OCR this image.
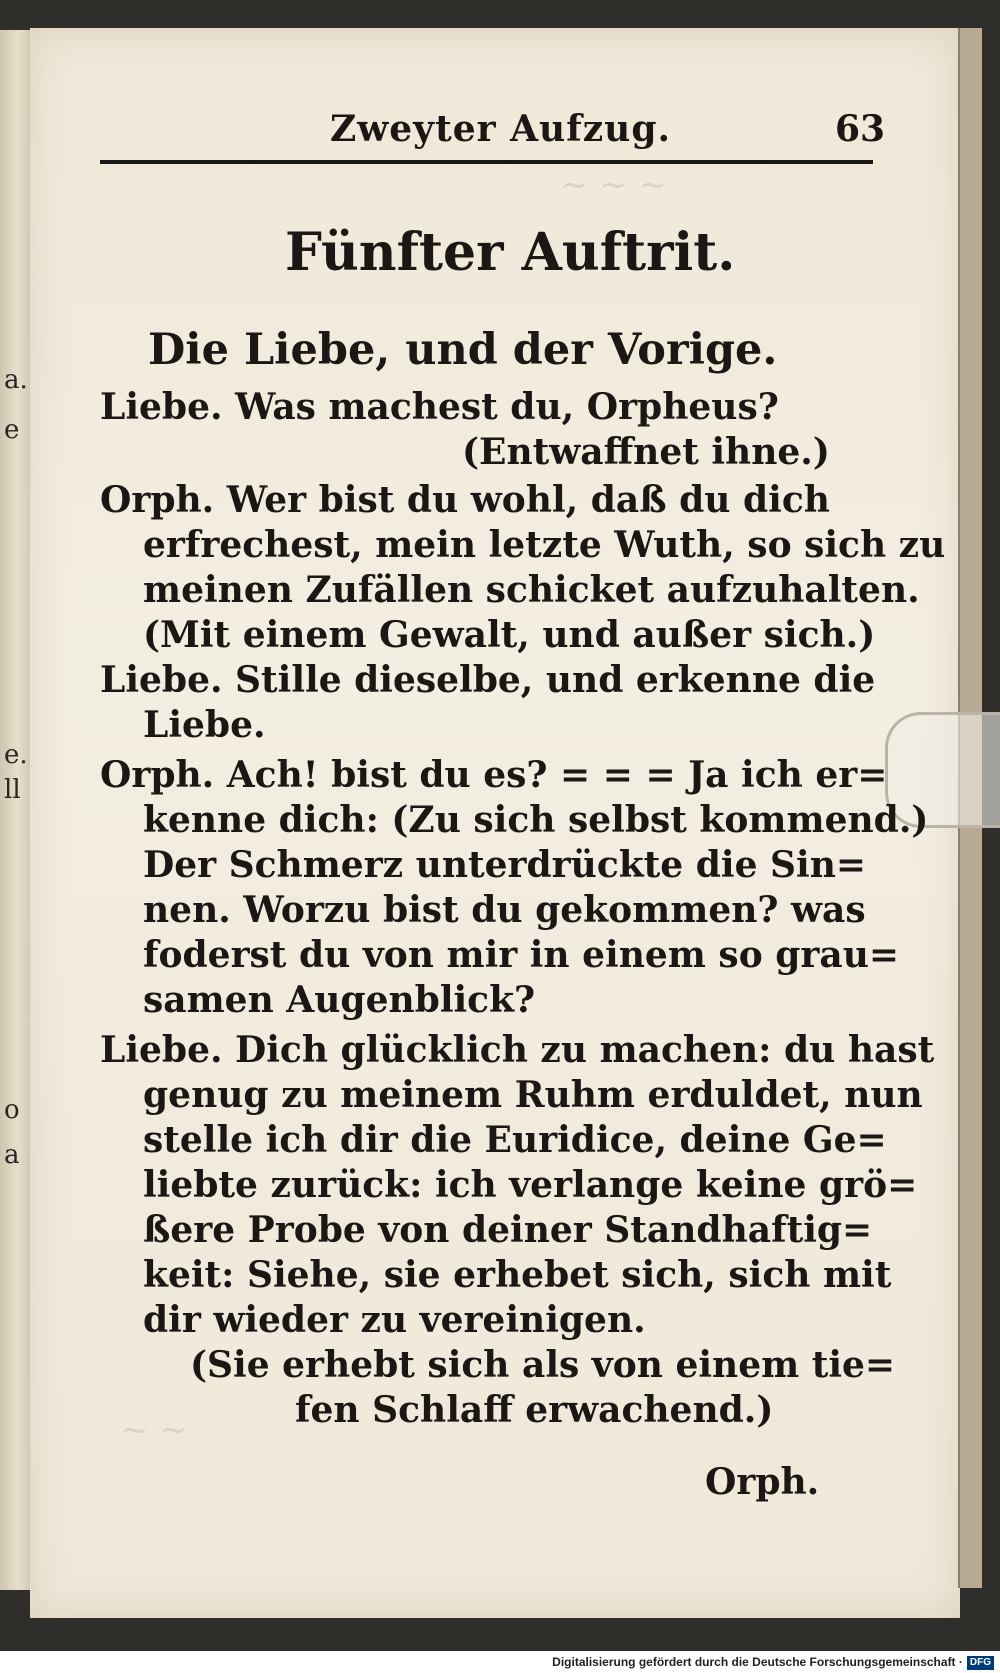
a.
e
e.
ll
o
a
~ ~ ~
~ ~
Zweyter Aufzug.	63
Fünfter Auftrit.
Die Liebe, und der Vorige.
Liebe. Was machest du, Orpheus?
(Entwaffnet ihne.)
Orph. Wer bist du wohl, daß du dich
erfrechest, mein letzte Wuth, so sich zu
meinen Zufällen schicket aufzuhalten.
(Mit einem Gewalt, und außer sich.)
Liebe. Stille dieselbe, und erkenne die
Liebe.
Orph. Ach! bist du es? = = = Ja ich er=
kenne dich: (Zu sich selbst kommend.)
Der Schmerz unterdrückte die Sin=
nen. Worzu bist du gekommen? was
foderst du von mir in einem so grau=
samen Augenblick?
Liebe. Dich glücklich zu machen: du hast
genug zu meinem Ruhm erduldet, nun
stelle ich dir die Euridice, deine Ge=
liebte zurück: ich verlange keine grö=
ßere Probe von deiner Standhaftig=
keit: Siehe, sie erhebet sich, sich mit
dir wieder zu vereinigen.
(Sie erhebt sich als von einem tie=
fen Schlaff erwachend.)
Orph.
Digitalisierung gefördert durch die Deutsche Forschungsgemeinschaft · DFG
